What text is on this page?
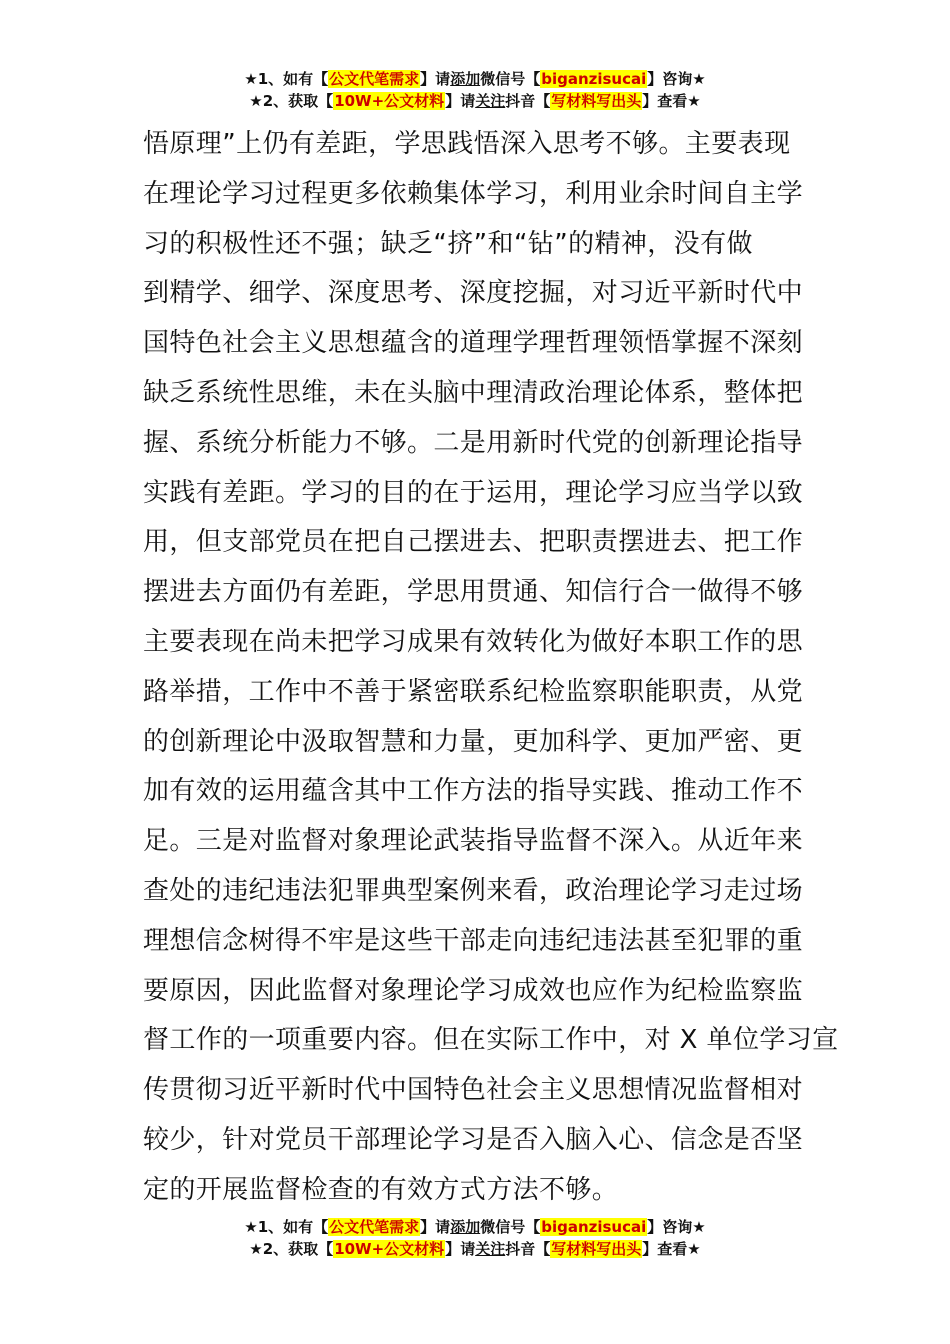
★1、如有【公文代笔需求】请添加微信号【biganzisucai】咨询★
★2、获取【10W+公文材料】请关注抖音【写材料写出头】查看★
悟原理”上仍有差距，学思践悟深入思考不够。主要表现
在理论学习过程更多依赖集体学习，利用业余时间自主学
习的积极性还不强；缺乏“挤”和“钻”的精神，没有做
到精学、细学、深度思考、深度挖掘，对习近平新时代中
国特色社会主义思想蕴含的道理学理哲理领悟掌握不深刻
缺乏系统性思维，未在头脑中理清政治理论体系，整体把
握、系统分析能力不够。二是用新时代党的创新理论指导
实践有差距。学习的目的在于运用，理论学习应当学以致
用，但支部党员在把自己摆进去、把职责摆进去、把工作
摆进去方面仍有差距，学思用贯通、知信行合一做得不够
主要表现在尚未把学习成果有效转化为做好本职工作的思
路举措，工作中不善于紧密联系纪检监察职能职责，从党
的创新理论中汲取智慧和力量，更加科学、更加严密、更
加有效的运用蕴含其中工作方法的指导实践、推动工作不
足。三是对监督对象理论武装指导监督不深入。从近年来
查处的违纪违法犯罪典型案例来看，政治理论学习走过场
理想信念树得不牢是这些干部走向违纪违法甚至犯罪的重
要原因，因此监督对象理论学习成效也应作为纪检监察监
督工作的一项重要内容。但在实际工作中，对 X 单位学习宣
传贯彻习近平新时代中国特色社会主义思想情况监督相对
较少，针对党员干部理论学习是否入脑入心、信念是否坚
定的开展监督检查的有效方式方法不够。
★1、如有【公文代笔需求】请添加微信号【biganzisucai】咨询★
★2、获取【10W+公文材料】请关注抖音【写材料写出头】查看★
